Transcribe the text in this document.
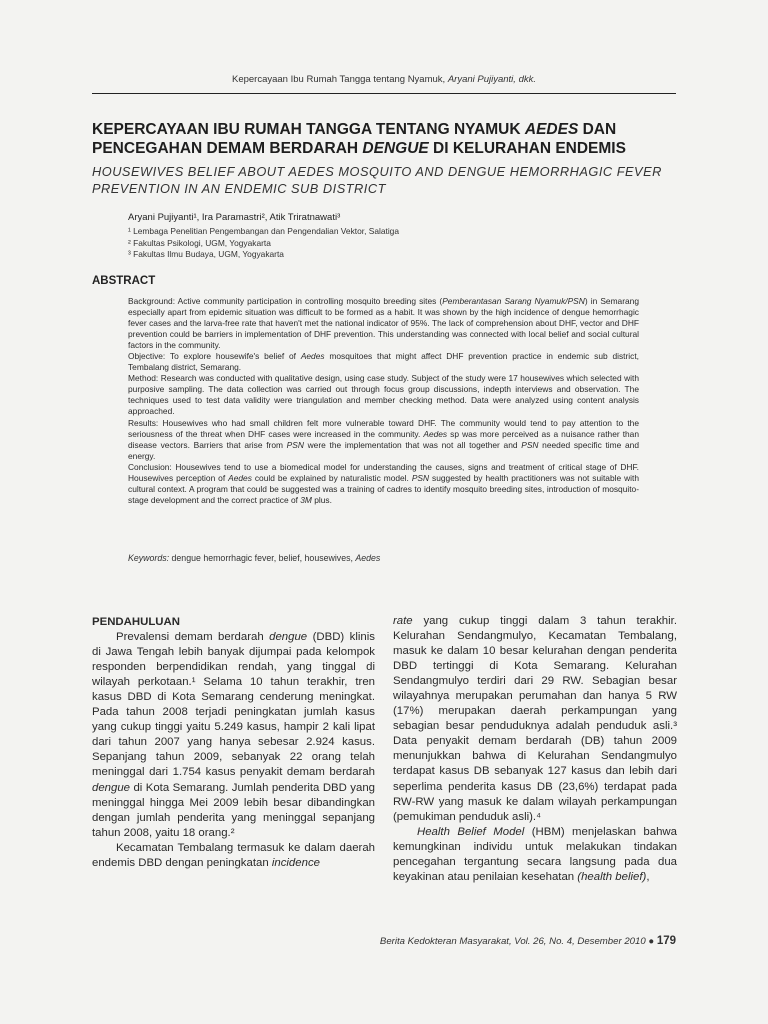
Kepercayaan Ibu Rumah Tangga tentang Nyamuk, Aryani Pujiyanti, dkk.
KEPERCAYAAN IBU RUMAH TANGGA TENTANG NYAMUK AEDES DAN PENCEGAHAN DEMAM BERDARAH DENGUE DI KELURAHAN ENDEMIS
HOUSEWIVES BELIEF ABOUT AEDES MOSQUITO AND DENGUE HEMORRHAGIC FEVER PREVENTION IN AN ENDEMIC SUB DISTRICT
Aryani Pujiyanti¹, Ira Paramastri², Atik Triratnawati³
¹ Lembaga Penelitian Pengembangan dan Pengendalian Vektor, Salatiga
² Fakultas Psikologi, UGM, Yogyakarta
³ Fakultas Ilmu Budaya, UGM, Yogyakarta
ABSTRACT

Background: Active community participation in controlling mosquito breeding sites (Pemberantasan Sarang Nyamuk/PSN) in Semarang especially apart from epidemic situation was difficult to be formed as a habit. It was shown by the high incidence of dengue hemorrhagic fever cases and the larva-free rate that haven't met the national indicator of 95%. The lack of comprehension about DHF, vector and DHF prevention could be barriers in implementation of DHF prevention. This understanding was connected with local belief and social cultural factors in the community.

Objective: To explore housewife's belief of Aedes mosquitoes that might affect DHF prevention practice in endemic sub district, Tembalang district, Semarang.

Method: Research was conducted with qualitative design, using case study. Subject of the study were 17 housewives which selected with purposive sampling. The data collection was carried out through focus group discussions, indepth interviews and observation. The techniques used to test data validity were triangulation and member checking method. Data were analyzed using content analysis approached.

Results: Housewives who had small children felt more vulnerable toward DHF. The community would tend to pay attention to the seriousness of the threat when DHF cases were increased in the community. Aedes sp was more perceived as a nuisance rather than disease vectors. Barriers that arise from PSN were the implementation that was not all together and PSN needed specific time and energy.

Conclusion: Housewives tend to use a biomedical model for understanding the causes, signs and treatment of critical stage of DHF. Housewives perception of Aedes could be explained by naturalistic model. PSN suggested by health practitioners was not suitable with cultural context. A program that could be suggested was a training of cadres to identify mosquito breeding sites, introduction of mosquito-stage development and the correct practice of 3M plus.

Keywords: dengue hemorrhagic fever, belief, housewives, Aedes
PENDAHULUAN

Prevalensi demam berdarah dengue (DBD) klinis di Jawa Tengah lebih banyak dijumpai pada kelompok responden berpendidikan rendah, yang tinggal di wilayah perkotaan.¹ Selama 10 tahun terakhir, tren kasus DBD di Kota Semarang cenderung meningkat. Pada tahun 2008 terjadi peningkatan jumlah kasus yang cukup tinggi yaitu 5.249 kasus, hampir 2 kali lipat dari tahun 2007 yang hanya sebesar 2.924 kasus. Sepanjang tahun 2009, sebanyak 22 orang telah meninggal dari 1.754 kasus penyakit demam berdarah dengue di Kota Semarang. Jumlah penderita DBD yang meninggal hingga Mei 2009 lebih besar dibandingkan dengan jumlah penderita yang meninggal sepanjang tahun 2008, yaitu 18 orang.²

Kecamatan Tembalang termasuk ke dalam daerah endemis DBD dengan peningkatan incidence

rate yang cukup tinggi dalam 3 tahun terakhir. Kelurahan Sendangmulyo, Kecamatan Tembalang, masuk ke dalam 10 besar kelurahan dengan penderita DBD tertinggi di Kota Semarang. Kelurahan Sendangmulyo terdiri dari 29 RW. Sebagian besar wilayahnya merupakan perumahan dan hanya 5 RW (17%) merupakan daerah perkampungan yang sebagian besar penduduknya adalah penduduk asli.³ Data penyakit demam berdarah (DB) tahun 2009 menunjukkan bahwa di Kelurahan Sendangmulyo terdapat kasus DB sebanyak 127 kasus dan lebih dari seperlima penderita kasus DB (23,6%) terdapat pada RW-RW yang masuk ke dalam wilayah perkampungan (pemukiman penduduk asli).⁴

Health Belief Model (HBM) menjelaskan bahwa kemungkinan individu untuk melakukan tindakan pencegahan tergantung secara langsung pada dua keyakinan atau penilaian kesehatan (health belief),

Berita Kedokteran Masyarakat, Vol. 26, No. 4, Desember 2010 ● 179
